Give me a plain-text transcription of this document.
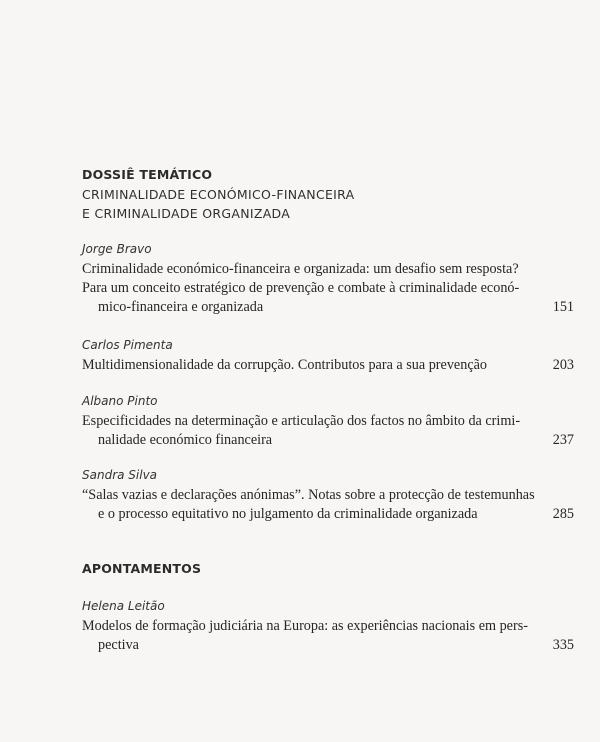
DOSSIÊ TEMÁTICO
CRIMINALIDADE ECONÓMICO-FINANCEIRA
E CRIMINALIDADE ORGANIZADA

Jorge Bravo

Criminalidade económico-financeira e organizada: um desafio sem resposta?

Para um conceito estratégico de prevenção e combate à criminalidade econó-

mico-financeira e organizada	151

Carlos Pimenta

Multidimensionalidade da corrupção. Contributos para a sua prevenção	203

Albano Pinto

Especificidades na determinação e articulação dos factos no âmbito da crimi-

nalidade económico financeira	237

Sandra Silva

“Salas vazias e declarações anónimas”. Notas sobre a protecção de testemunhas

e o processo equitativo no julgamento da criminalidade organizada	285
APONTAMENTOS

Helena Leitão

Modelos de formação judiciária na Europa: as experiências nacionais em pers-

pectiva	335
